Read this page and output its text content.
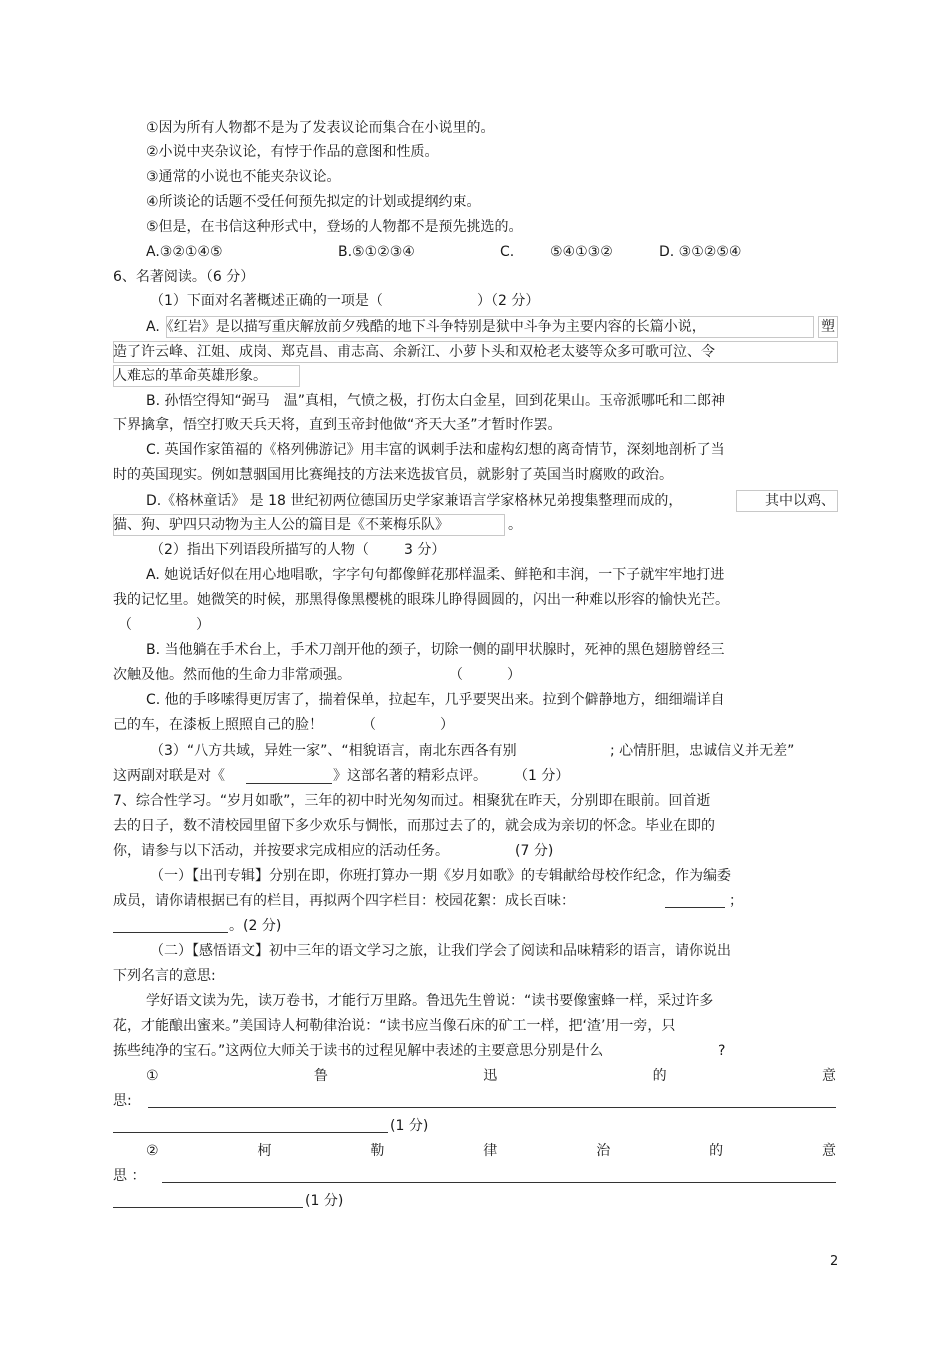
①因为所有人物都不是为了发表议论而集合在小说里的。
②小说中夹杂议论，有悖于作品的意图和性质。
③通常的小说也不能夹杂议论。
④所谈论的话题不受任何预先拟定的计划或提纲约束。
⑤但是，在书信这种形式中，登场的人物都不是预先挑选的。
A.③②①④⑤	B.⑤①②③④	C.	⑤④①③②	D. ③①②⑤④
6、名著阅读。（6 分）
（1）下面对名著概述正确的一项是（	）（2 分）
A.《红岩》是以描写重庆解放前夕残酷的地下斗争特别是狱中斗争为主要内容的长篇小说，	塑
造了许云峰、江姐、成岗、郑克昌、甫志高、余新江、小萝卜头和双枪老太婆等众多可歌可泣、令
人难忘的革命英雄形象。
B. 孙悟空得知“弼马　温”真相，气愤之极，打伤太白金星，回到花果山。玉帝派哪吒和二郎神
下界擒拿，悟空打败天兵天将，直到玉帝封他做“齐天大圣”才暂时作罢。
C. 英国作家笛福的《格列佛游记》用丰富的讽刺手法和虚构幻想的离奇情节，深刻地剖析了当
时的英国现实。例如慧骃国用比赛绳技的方法来选拔官员，就影射了英国当时腐败的政治。
D.《格林童话》 是 18 世纪初两位德国历史学家兼语言学家格林兄弟搜集整理而成的，	其中以鸡、
猫、狗、驴四只动物为主人公的篇目是《不莱梅乐队》	。
（2）指出下列语段所描写的人物（	3 分）
A. 她说话好似在用心地唱歌，字字句句都像鲜花那样温柔、鲜艳和丰润，一下子就牢牢地打进
我的记忆里。她微笑的时候，那黑得像黑樱桃的眼珠儿睁得圆圆的，闪出一种难以形容的愉快光芒。
（	）
B. 当他躺在手术台上，手术刀剖开他的颈子，切除一侧的副甲状腺时，死神的黑色翅膀曾经三
次触及他。然而他的生命力非常顽强。	（	）
C. 他的手哆嗦得更厉害了，揣着保单，拉起车，几乎要哭出来。拉到个僻静地方，细细端详自
己的车，在漆板上照照自己的脸！	（	）
（3）“八方共域，异姓一家”、“相貌语言，南北东西各有别	; 心情肝胆，忠诚信义并无差”
这两副对联是对《	》这部名著的精彩点评。 （1 分）
7、综合性学习。“岁月如歌”，三年的初中时光匆匆而过。相聚犹在昨天，分别即在眼前。回首逝
去的日子，数不清校园里留下多少欢乐与惆怅，而那过去了的，就会成为亲切的怀念。毕业在即的
你，请参与以下活动，并按要求完成相应的活动任务。	(7 分)
（一）【出刊专辑】分别在即，你班打算办一期《岁月如歌》的专辑献给母校作纪念，作为编委
成员，请你请根据已有的栏目，再拟两个四字栏目：校园花絮：成长百味：	；
。(2 分)
（二）【感悟语文】初中三年的语文学习之旅，让我们学会了阅读和品味精彩的语言，请你说出
下列名言的意思:
学好语文读为先，读万卷书，才能行万里路。鲁迅先生曾说：“读书要像蜜蜂一样，采过许多
花，才能酿出蜜来。”美国诗人柯勒律治说：“读书应当像石床的矿工一样，把‘渣’用一旁，只
拣些纯净的宝石。”这两位大师关于读书的过程见解中表述的主要意思分别是什么	?
①	鲁	迅	的	意
思:
(1 分)
②	柯	勒	律	治	的	意
思 ：
(1 分)
2
